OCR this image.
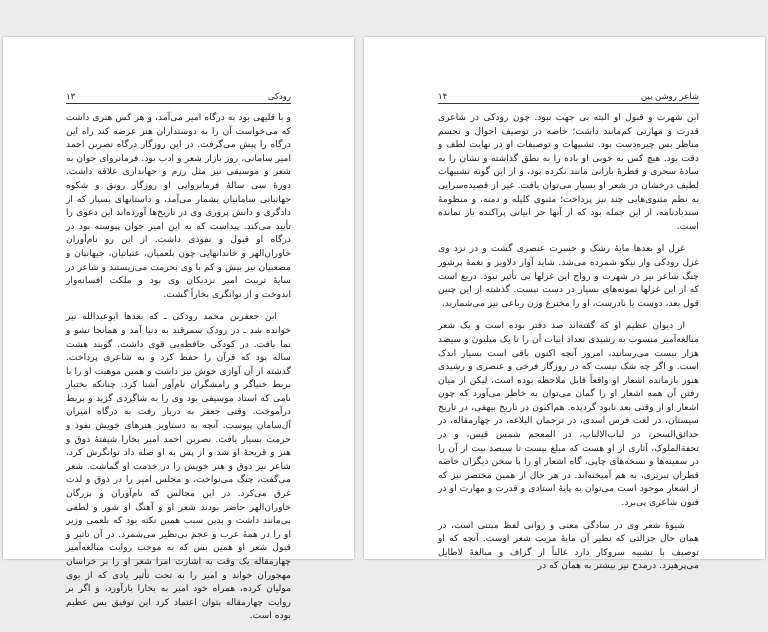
۱۳	رودکی

و با قلیهی بود به درگاه امیر می‌آمد، و هر کس هنری داشت که می‌خواست آن را به دوستداران هنر عرضه کند راه این درگاه را پیش می‌گرفت. در این روزگار درگاه نصربن احمد امیر سامانی، روز بازار شعر و ادب بود. فرمانروای جوان به شعر و موسیقی نیز مثل رزم و جهانداری علاقه داشت. دورهٔ سی سالهٔ فرمانروایی او روزگار رونق و شکوه جهانبانی سامانیان بشمار می‌آمد، و داستانهای بسیار که از دادگری و دانش پروری وی در تاریخ‌ها آورده‌اند این دعوی را تأیید می‌کند. پیداست که به این امیر جوان پیوسته بود در درگاه او قبول و نفوذی داشت. از این رو نام‌آوران خاوران‌الهر و خاندانهایی چون بلعمیان، عتبانیان، جیهانیان و مصعبیان نیز بیش و کم با وی بحرمت می‌زیستند و شاعر در سایهٔ تربیت امیر نزدیکان وی بود و ملکت افسانه‌وار اندوخت و از توانگری بخاراً گشت.

ابن جعفربن محمد رودکی ـ که بعدها ابوعبدالله نیز خوانده شد ـ در رودک سمرقند به دنیا آمد و همانجا نشو و نما یافت. در کودکی حافظه‌یی قوی داشت. گویند هشت ساله بود که قرآن را حفظ کرد و به شاعری پرداخت. گذشته از آن آوازی خوش نیز داشت و همین موهبت او را با بربط خنیاگر و رامشگران نام‌آور آشنا کرد. چنانکه بختیار نامی که استاد موسیقی بود وی را به شاگردی گزید و بربط درآموخت. وقتی جعفر به دربار رفت به درگاه امیران آل‌سامان پیوست. آنچه به دستاویز هنرهای خویش نفوذ و حرمت بسیار یافت. نصربن احمد امیر بخارا شیفتهٔ ذوق و هنر و قریحهٔ او شد و از پس به او صله داد توانگرش کرد. شاعر نیز ذوق و هنر خویش را در خدمت او گماشت. شعر می‌گفت، چنگ می‌نواخت، و مجلس امیر را در ذوق و لذت غرق می‌کرد. در این مجالس که نام‌آوران و بزرگان خاوران‌الهر حاضر بودند شعر او و آهنگ او شور و لطفی بی‌مانند داشت و بدین سبب همین نکته بود که بلعمی وزیر او را در همهٔ عرب و عجم بی‌نظیر می‌شمرد. در آن تاثیر و قبول شعر او همین بس که به موجب روایت مبالغه‌آمیز چهارمقاله یک وقت به اشارت امرا شعر او را بر خراسان مهجوران خواند و امیر را به تحت تأثیر یادی که از بوی مولیان کرده، همراه خود امیر به بخارا بازآورد، و اگر بر روایت چهارمقاله بتوان اعتماد کرد این توفیق بس عظیم بوده است.

۱۴	شاعر روشن بین

این شهرت و قبول او البته بی جهت نبود. چون رودکی در شاعری قدرت و مهارتی کم‌مانند داشت؛ خاصه در توصیف احوال و تجسم مناظر بس چیره‌دست بود. تشبیهات و توصیفات او در نهایت لطف و دقت بود. هیچ کس به خوبی او باده را به نطق گذاشته و نشان را به سادهٔ سحری و قطرهٔ بارانی مانند نکرده بود، و از این گونه تشبیهات لطیف درخشان در شعر او بسیار می‌توان یافت. غیر از قصیده‌سرایی به نظم مثنوی‌هایی چند نیز پرداخت؛ مثنوی کلیله و دمنه، و منظومهٔ سندبادنامه، از این جمله بود که از آنها جز ابیاتی پراکنده باز نمانده است.

غزل او بعدها مایهٔ رشک و حسرت عنصری گشت و در نزد وی غزل رودکی وار نیکو شمرده می‌شد. شاید آواز دلاویز و نغمهٔ پرشور چنگ شاعر نیز در شهرت و رواج این غزلها بی تأثیر نبود. دریغ است که از این غزلها نمونه‌های بسیار در دست نیست. گذشته از این چنین قول بعد، دوست یا نادرست، او را مخترع وزن رباعی نیز می‌شمارند.

از دیوان عظیم او که گفته‌اند صد دفتر بوده است و یک شعر مبالغه‌آمیز منسوب به رشیدی تعداد ابیات آن را تا یک میلیون و سیصد هزار بیست می‌رسانند، امروز آنچه اکنون باقی است بسیار اندک است. و اگر چه شک نیست که در روزگار فرخی و عنصری و رشیدی هنوز بازمانده اشعار او واقعاً قابل ملاحظه بوده است، لیکن از میان رفتن آن همه اشعار او را گمان می‌توان به خاطر می‌آورد که چون اشعار او از وقتی بعد نابود گردیده. هم‌اکنون در تاریخ بیهقی، در تاریخ سیستان، در لغت فرس اسدی، در ترجمان البلاغه، در چهارمقاله، در حدائق‌السحر، در لباب‌الالباب، در المعجم شمس قیس، و در تحفة‌الملوک، آثاری از او هست که مبلغ بیست تا سیصد بیت از آن را در سفینه‌ها و نسخه‌های چاپی، گاه اشعار او را با سخن دیگران خاصه قطران تبریزی، به هم آمیخته‌اند. در هر حال از همین مختصر نیز که از اشعار موجود است می‌توان به پایهٔ استادی و قدرت و مهارت او در فنون شاعری پی‌برد.

شیوهٔ شعر وی در سادگی معنی و روانی لفظ مبتنی است، در همان حال جزالتی که نظیر آن مایهٔ مزیت شعر اوست. آنچه که او توصیف با تشبیه سروکار دارد غالباً از گزاف و مبالغهٔ لاطایل می‌پرهیزد. درمدح نیز بیشتر به همان که در
